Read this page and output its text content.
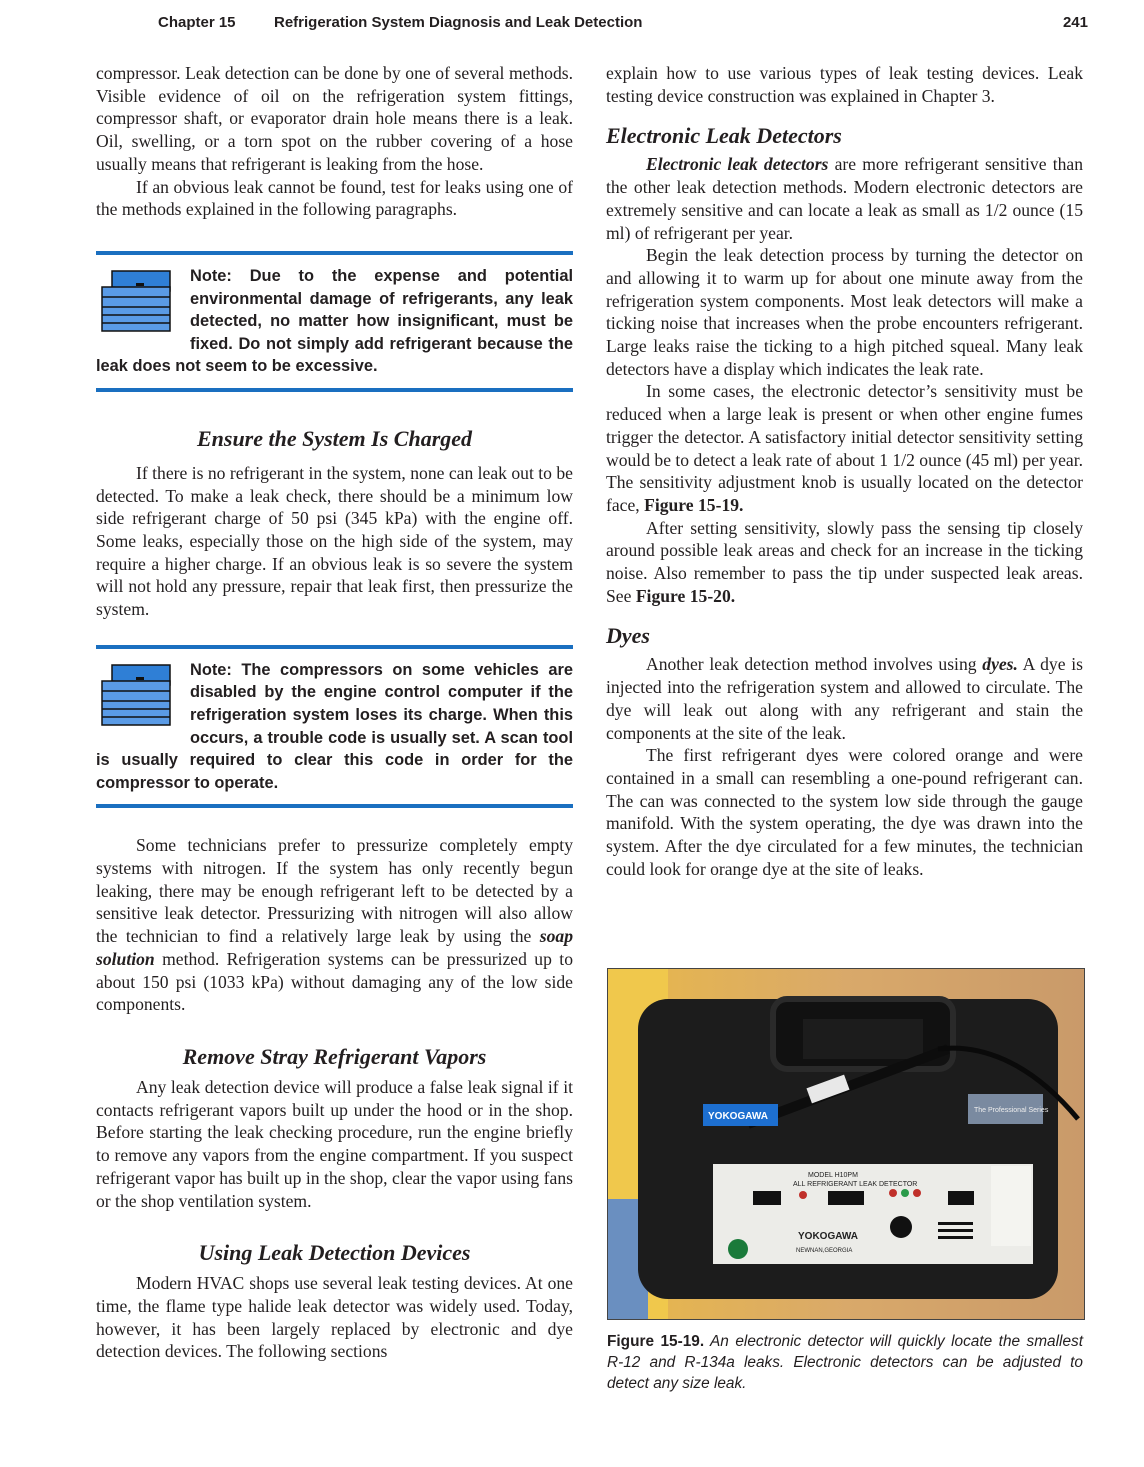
Chapter 15	Refrigeration System Diagnosis and Leak Detection	241

compressor. Leak detection can be done by one of several methods. Visible evidence of oil on the refrigeration system fittings, compressor shaft, or evaporator drain hole means there is a leak. Oil, swelling, or a torn spot on the rubber covering of a hose usually means that refrigerant is leaking from the hose.

If an obvious leak cannot be found, test for leaks using one of the methods explained in the following paragraphs.

Note: Due to the expense and potential environmental damage of refrigerants, any leak detected, no matter how insignificant, must be fixed. Do not simply add refrigerant because the leak does not seem to be excessive.
Ensure the System Is Charged

If there is no refrigerant in the system, none can leak out to be detected. To make a leak check, there should be a minimum low side refrigerant charge of 50 psi (345 kPa) with the engine off. Some leaks, especially those on the high side of the system, may require a higher charge. If an obvious leak is so severe the system will not hold any pressure, repair that leak first, then pressurize the system.

Note: The compressors on some vehicles are disabled by the engine control computer if the refrigeration system loses its charge. When this occurs, a trouble code is usually set. A scan tool is usually required to clear this code in order for the compressor to operate.

Some technicians prefer to pressurize completely empty systems with nitrogen. If the system has only recently begun leaking, there may be enough refrigerant left to be detected by a sensitive leak detector. Pressurizing with nitrogen will also allow the technician to find a relatively large leak by using the soap solution method. Refrigeration systems can be pressurized up to about 150 psi (1033 kPa) without damaging any of the low side components.

Remove Stray Refrigerant Vapors

Any leak detection device will produce a false leak signal if it contacts refrigerant vapors built up under the hood or in the shop. Before starting the leak checking procedure, run the engine briefly to remove any vapors from the engine compartment. If you suspect refrigerant vapor has built up in the shop, clear the vapor using fans or the shop ventilation system.

Using Leak Detection Devices

Modern HVAC shops use several leak testing devices. At one time, the flame type halide leak detector was widely used. Today, however, it has been largely replaced by electronic and dye detection devices. The following sections

explain how to use various types of leak testing devices. Leak testing device construction was explained in Chapter 3.

Electronic Leak Detectors

Electronic leak detectors are more refrigerant sensitive than the other leak detection methods. Modern electronic detectors are extremely sensitive and can locate a leak as small as 1/2 ounce (15 ml) of refrigerant per year.

Begin the leak detection process by turning the detector on and allowing it to warm up for about one minute away from the refrigeration system components. Most leak detectors will make a ticking noise that increases when the probe encounters refrigerant. Large leaks raise the ticking to a high pitched squeal. Many leak detectors have a display which indicates the leak rate.

In some cases, the electronic detector’s sensitivity must be reduced when a large leak is present or when other engine fumes trigger the detector. A satisfactory initial detector sensitivity setting would be to detect a leak rate of about 1 1/2 ounce (45 ml) per year. The sensitivity adjustment knob is usually located on the detector face, Figure 15-19.

After setting sensitivity, slowly pass the sensing tip closely around possible leak areas and check for an increase in the ticking noise. Also remember to pass the tip under suspected leak areas. See Figure 15-20.

Dyes

Another leak detection method involves using dyes. A dye is injected into the refrigeration system and allowed to circulate. The dye will leak out along with any refrigerant and stain the components at the site of the leak.

The first refrigerant dyes were colored orange and were contained in a small can resembling a one-pound refrigerant can. The can was connected to the system low side through the gauge manifold. With the system operating, the dye was drawn into the system. After the dye circulated for a few minutes, the technician could look for orange dye at the site of leaks.

YOKOGAWA
The Professional Series
MODEL H10PM
ALL REFRIGERANT LEAK DETECTOR
YOKOGAWA
NEWNAN,GEORGIA
Figure 15-19. An electronic detector will quickly locate the smallest R-12 and R-134a leaks. Electronic detectors can be adjusted to detect any size leak.
